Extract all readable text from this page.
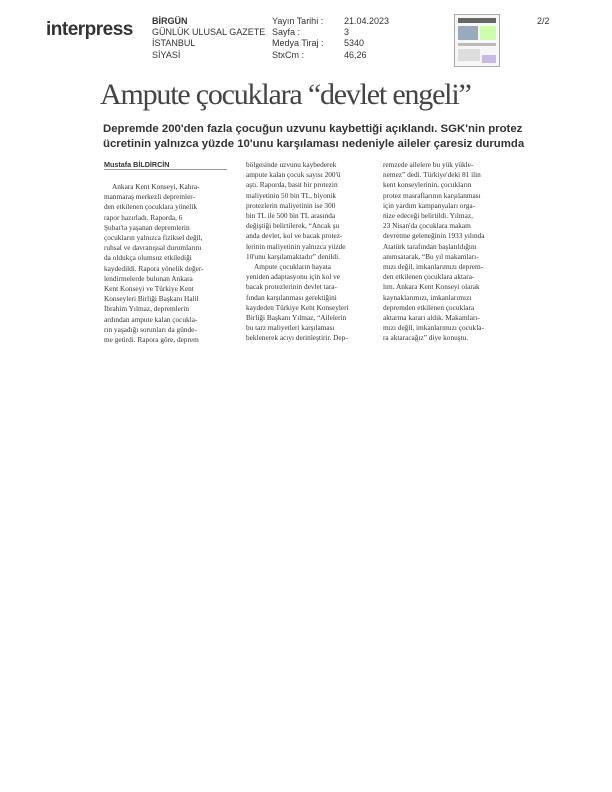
interpress BİRGÜN
GÜNLÜK ULUSAL GAZETE
İSTANBUL
SİYASİ
Yayın Tarihi :
Sayfa :
Medya Tiraj :
StxCm :
21.04.2023
3
5340
46,26
2/2
Ampute çocuklara “devlet engeli”
Depremde 200'den fazla çocuğun uzvunu kaybettiği açıklandı. SGK'nin protez
ücretinin yalnızca yüzde 10'unu karşılaması nedeniyle aileler çaresiz durumda
Mustafa BİLDİRCİN
Ankara Kent Konseyi, Kahra-
manmaraş merkezli depremler-
den etkilenen çocuklara yönelik
rapor hazırladı. Raporda, 6
Şubat'ta yaşanan depremlerin
çocukların yalnızca fiziksel değil,
ruhsal ve davranışsal durumlarını
da oldukça olumsuz etkilediği
kaydedildi. Rapora yönelik değer-
lendirmelerde bulunan Ankara
Kent Konseyi ve Türkiye Kent
Konseyleri Birliği Başkanı Halil
İbrahim Yılmaz, depremlerin
ardından ampute kalan çocukla-
rın yaşadığı sorunları da günde-
me getirdi. Rapora göre, deprem
bölgesinde uzvunu kaybederek
ampute kalan çocuk sayısı 200'ü
aştı. Raporda, basit bir protezin
maliyetinin 50 bin TL, biyonik
protezlerin maliyetinin ise 300
bin TL ile 500 bin TL arasında
değiştiği belirtilerek, “Ancak şu
anda devlet, kol ve bacak protez-
lerinin maliyetinin yalnızca yüzde
10'unu karşılamaktadır” denildi.
Ampute çocukların hayata
yeniden adaptasyonu için kol ve
bacak protezlerinin devlet tara-
fından karşılanması gerektiğini
kaydeden Türkiye Kent Konseyleri
Birliği Başkanı Yılmaz, “Ailelerin
bu tarz maliyetleri karşılaması
beklenerek acıyı derinleştirir. Dep-
remzede ailelere bu yük yükle-
nemez” dedi. Türkiye'deki 81 ilin
kent konseylerinin, çocukların
protez masraflarının karşılanması
için yardım kampanyaları orga-
nize edeceği belirtildi. Yılmaz,
23 Nisan'da çocuklara makam
devretme geleneğinin 1933 yılında
Atatürk tarafından başlatıldığını
anımsatarak, “Bu yıl makamları-
mızı değil, imkanlarımızı deprem-
den etkilenen çocuklara aktara-
lım. Ankara Kent Konseyi olarak
kaynaklarımızı, imkanlarımızı
depremden etkilenen çocuklara
aktarma kararı aldık. Makamları-
mızı değil, imkanlarımızı çocukla-
ra aktaracağız” diye konuştu.
